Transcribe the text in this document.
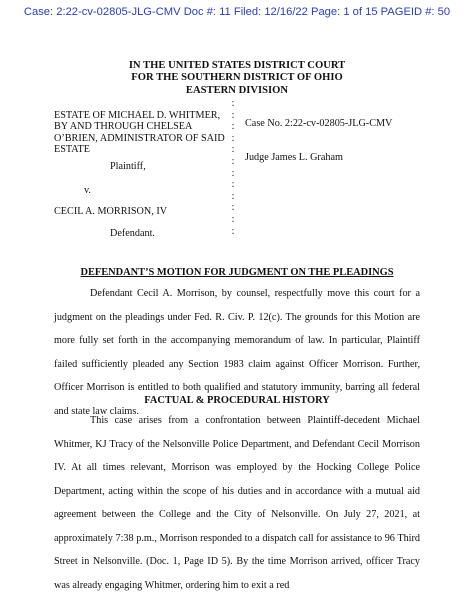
Case: 2:22-cv-02805-JLG-CMV Doc #: 11 Filed: 12/16/22 Page: 1 of 15 PAGEID #: 50
IN THE UNITED STATES DISTRICT COURT
FOR THE SOUTHERN DISTRICT OF OHIO
EASTERN DIVISION
ESTATE OF MICHAEL D. WHITMER,
BY AND THROUGH CHELSEA
O’BRIEN, ADMINISTRATOR OF SAID
ESTATE
Plaintiff,
v.
CECIL A. MORRISON, IV
Defendant.
:
:
:
:
:
:
:
:
:
:
:
:
Case No. 2:22-cv-02805-JLG-CMV
Judge James L. Graham
DEFENDANT’S MOTION FOR JUDGMENT ON THE PLEADINGS
Defendant Cecil A. Morrison, by counsel, respectfully move this court for a judgment on the pleadings under Fed. R. Civ. P. 12(c). The grounds for this Motion are more fully set forth in the accompanying memorandum of law. In particular, Plaintiff failed sufficiently pleaded any Section 1983 claim against Officer Morrison. Further, Officer Morrison is entitled to both qualified and statutory immunity, barring all federal and state law claims.
FACTUAL & PROCEDURAL HISTORY
This case arises from a confrontation between Plaintiff-decedent Michael Whitmer, KJ Tracy of the Nelsonville Police Department, and Defendant Cecil Morrison IV. At all times relevant, Morrison was employed by the Hocking College Police Department, acting within the scope of his duties and in accordance with a mutual aid agreement between the College and the City of Nelsonville. On July 27, 2021, at approximately 7:38 p.m., Morrison responded to a dispatch call for assistance to 96 Third Street in Nelsonville. (Doc. 1, Page ID 5). By the time Morrison arrived, officer Tracy was already engaging Whitmer, ordering him to exit a red
